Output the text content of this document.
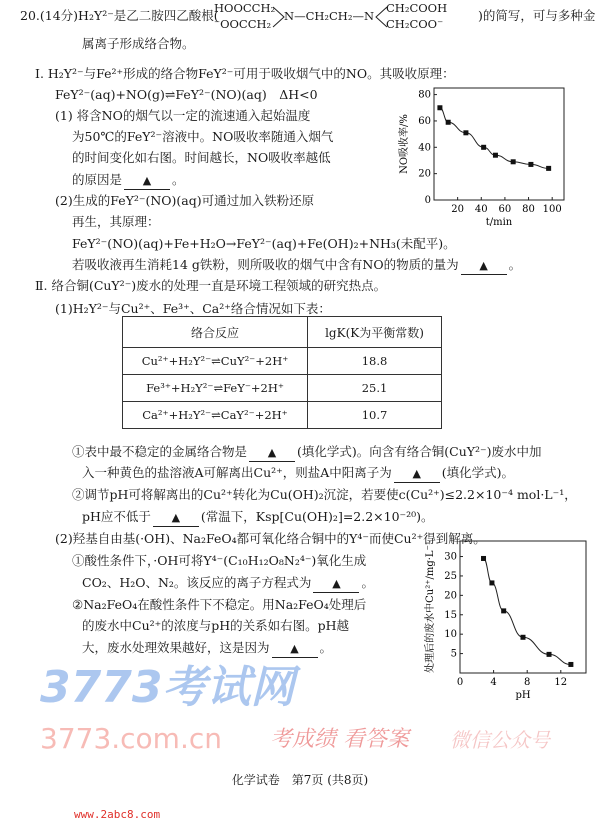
20.(14分)H₂Y²⁻是乙二胺四乙酸根(
HOOCCH₂
⁻OOCCH₂
N—CH₂CH₂—N
CH₂COOH
CH₂COO⁻
)的简写，可与多种金
属离子形成络合物。
Ⅰ. H₂Y²⁻与Fe²⁺形成的络合物FeY²⁻可用于吸收烟气中的NO。其吸收原理：
FeY²⁻(aq)+NO(g)⇌FeY²⁻(NO)(aq)　ΔH<0
(1) 将含NO的烟气以一定的流速通入起始温度
为50℃的FeY²⁻溶液中。NO吸收率随通入烟气
的时间变化如右图。时间越长，NO吸收率越低
的原因是 ▲ 。
(2)生成的FeY²⁻(NO)(aq)可通过加入铁粉还原
再生，其原理：
FeY²⁻(NO)(aq)+Fe+H₂O→FeY²⁻(aq)+Fe(OH)₂+NH₃(未配平)。
若吸收液再生消耗14 g铁粉，则所吸收的烟气中含有NO的物质的量为 ▲ 。
Ⅱ. 络合铜(CuY²⁻)废水的处理一直是环境工程领域的研究热点。
(1)H₂Y²⁻与Cu²⁺、Fe³⁺、Ca²⁺络合情况如下表：
①表中最不稳定的金属络合物是 ▲ (填化学式)。向含有络合铜(CuY²⁻)废水中加
入一种黄色的盐溶液A可解离出Cu²⁺，则盐A中阳离子为 ▲ (填化学式)。
②调节pH可将解离出的Cu²⁺转化为Cu(OH)₂沉淀，若要使c(Cu²⁺)≤2.2×10⁻⁴ mol·L⁻¹，
pH应不低于 ▲ (常温下，Ksp[Cu(OH)₂]=2.2×10⁻²⁰)。
(2)羟基自由基(·OH)、Na₂FeO₄都可氧化络合铜中的Y⁴⁻而使Cu²⁺得到解离。
①酸性条件下，·OH可将Y⁴⁻(C₁₀H₁₂O₈N₂⁴⁻)氧化生成
CO₂、H₂O、N₂。该反应的离子方程式为 ▲ 。
②Na₂FeO₄在酸性条件下不稳定。用Na₂FeO₄处理后
的废水中Cu²⁺的浓度与pH的关系如右图。pH越
大，废水处理效果越好，这是因为 ▲ 。
络合反应	lgK(K为平衡常数)
Cu²⁺+H₂Y²⁻⇌CuY²⁻+2H⁺	18.8
Fe³⁺+H₂Y²⁻⇌FeY⁻+2H⁺	25.1
Ca²⁺+H₂Y²⁻⇌CaY²⁻+2H⁺	10.7
3773考试网
3773.com.cn 考成绩 看答案 微信公众号
20 40 60 80 100
0
20
40
60
80
t/min
NO吸收率/%
0	4	8 12
5
10
15
20
25
30
pH
处理后的废水中Cu²⁺/mg·L⁻¹
化学试卷　第7页 (共8页)
www.2abc8.com
